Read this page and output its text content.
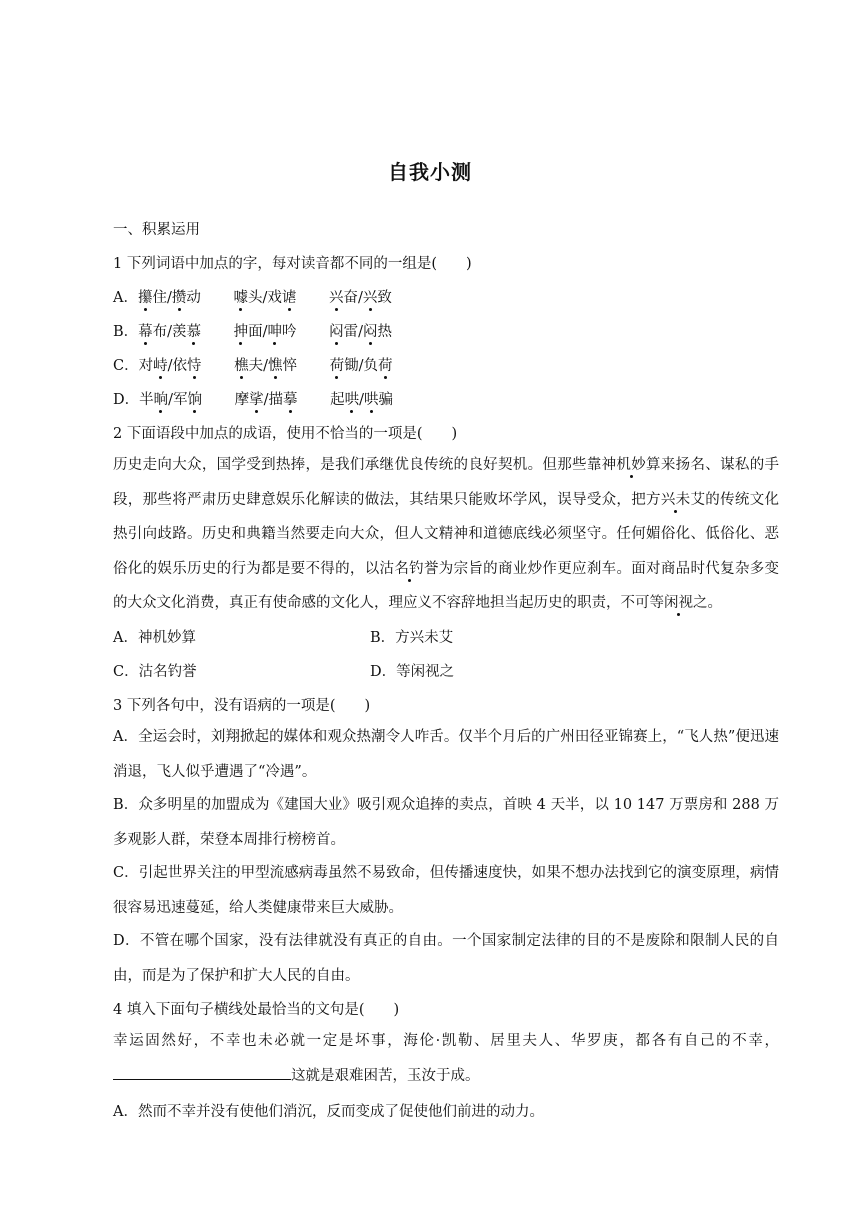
自我小测
一、积累运用
1 下列词语中加点的字，每对读音都不同的一组是(　　)
A．攥住/攒动 噱头/戏谑 兴奋/兴致
B．幕布/羡慕 抻面/呻吟 闷雷/闷热
C．对峙/依恃 樵夫/憔悴 荷锄/负荷
D．半晌/军饷 摩挲/描摹 起哄/哄骗
2 下面语段中加点的成语，使用不恰当的一项是(　　)
历史走向大众，国学受到热捧，是我们承继优良传统的良好契机。但那些靠神机妙算来扬名、谋私的手段，那些将严肃历史肆意娱乐化解读的做法，其结果只能败坏学风，误导受众，把方兴未艾的传统文化热引向歧路。历史和典籍当然要走向大众，但人文精神和道德底线必须坚守。任何媚俗化、低俗化、恶俗化的娱乐历史的行为都是要不得的，以沽名钓誉为宗旨的商业炒作更应刹车。面对商品时代复杂多变的大众文化消费，真正有使命感的文化人，理应义不容辞地担当起历史的职责，不可等闲视之。
A．神机妙算	B．方兴未艾
C．沽名钓誉	D．等闲视之
3 下列各句中，没有语病的一项是(　　)
A．全运会时，刘翔掀起的媒体和观众热潮令人咋舌。仅半个月后的广州田径亚锦赛上，“飞人热”便迅速消退，飞人似乎遭遇了“冷遇”。
B．众多明星的加盟成为《建国大业》吸引观众追捧的卖点，首映 4 天半，以 10 147 万票房和 288 万多观影人群，荣登本周排行榜榜首。
C．引起世界关注的甲型流感病毒虽然不易致命，但传播速度快，如果不想办法找到它的演变原理，病情很容易迅速蔓延，给人类健康带来巨大威胁。
D．不管在哪个国家，没有法律就没有真正的自由。一个国家制定法律的目的不是废除和限制人民的自由，而是为了保护和扩大人民的自由。
4 填入下面句子横线处最恰当的文句是(　　)
幸运固然好，不幸也未必就一定是坏事，海伦·凯勒、居里夫人、华罗庚，都各有自己的不幸，这就是艰难困苦，玉汝于成。
A．然而不幸并没有使他们消沉，反而变成了促使他们前进的动力。
